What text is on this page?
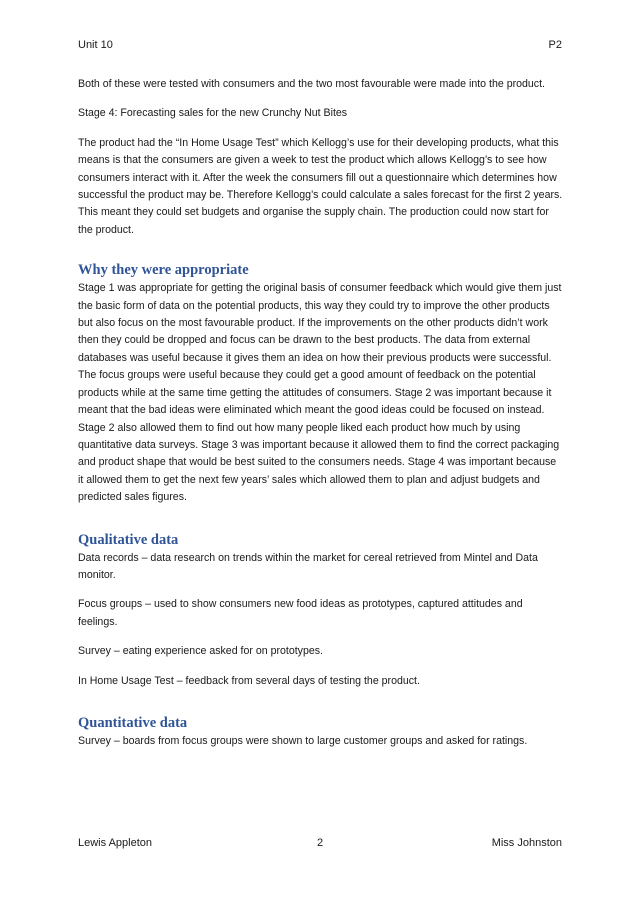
Unit 10	P2

Both of these were tested with consumers and the two most favourable were made into the product.

Stage 4: Forecasting sales for the new Crunchy Nut Bites

The product had the “In Home Usage Test” which Kellogg’s use for their developing products, what this means is that the consumers are given a week to test the product which allows Kellogg’s to see how consumers interact with it. After the week the consumers fill out a questionnaire which determines how successful the product may be. Therefore Kellogg’s could calculate a sales forecast for the first 2 years. This meant they could set budgets and organise the supply chain. The production could now start for the product.

Why they were appropriate

Stage 1 was appropriate for getting the original basis of consumer feedback which would give them just the basic form of data on the potential products, this way they could try to improve the other products but also focus on the most favourable product. If the improvements on the other products didn’t work then they could be dropped and focus can be drawn to the best products. The data from external databases was useful because it gives them an idea on how their previous products were successful. The focus groups were useful because they could get a good amount of feedback on the potential products while at the same time getting the attitudes of consumers. Stage 2 was important because it meant that the bad ideas were eliminated which meant the good ideas could be focused on instead. Stage 2 also allowed them to find out how many people liked each product how much by using quantitative data surveys. Stage 3 was important because it allowed them to find the correct packaging and product shape that would be best suited to the consumers needs. Stage 4 was important because it allowed them to get the next few years’ sales which allowed them to plan and adjust budgets and predicted sales figures.

Qualitative data

Data records – data research on trends within the market for cereal retrieved from Mintel and Data monitor.

Focus groups – used to show consumers new food ideas as prototypes, captured attitudes and feelings.

Survey – eating experience asked for on prototypes.

In Home Usage Test – feedback from several days of testing the product.

Quantitative data

Survey – boards from focus groups were shown to large customer groups and asked for ratings.

Lewis Appleton	2	Miss Johnston
